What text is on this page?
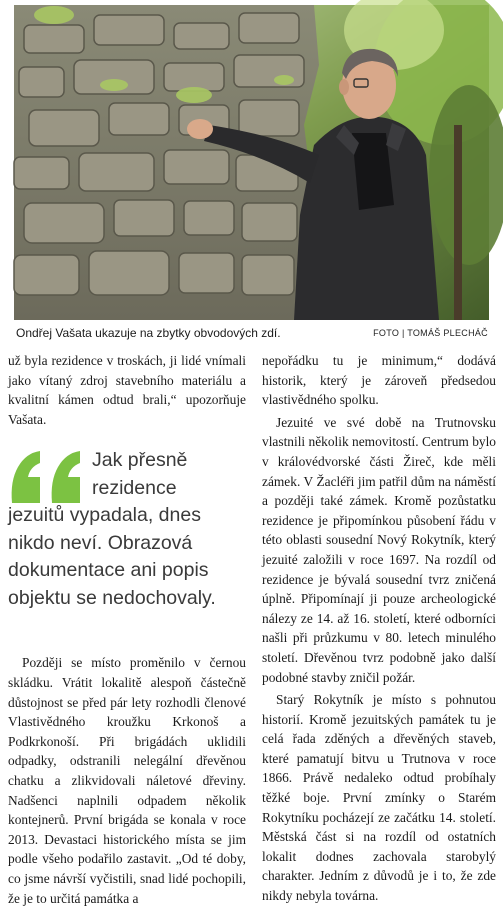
Ondřej Vašata ukazuje na zbytky obvodových zdí.	FOTO | TOMÁŠ PLECHÁČ

už byla rezidence v troskách, ji lidé vnímali jako vítaný zdroj stavebního materiálu a kvalitní kámen odtud brali,“ upozorňuje Vašata.

Jak přesně
rezidence
jezuitů vypadala, dnes
nikdo neví. Obrazová
dokumentace ani popis
objektu se nedochovaly.

Později se místo proměnilo v černou skládku. Vrátit lokalitě alespoň částečně důstojnost se před pár lety rozhodli členové Vlastivědného kroužku Krkonoš a Podkrkonoší. Při brigádách uklidili odpadky, odstranili nelegální dřevěnou chatku a zlikvidovali náletové dřeviny. Nadšenci naplnili odpadem několik kontejnerů. První brigáda se konala v roce 2013. Devastaci historického místa se jim podle všeho podařilo zastavit. „Od té doby, co jsme návrší vyčistili, snad lidé pochopili, že je to určitá památka a

nepořádku tu je minimum,“ dodává historik, který je zároveň předsedou vlastivědného spolku.

Jezuité ve své době na Trutnovsku vlastnili několik nemovitostí. Centrum bylo v královédvorské části Žireč, kde měli zámek. V Žacléři jim patřil dům na náměstí a později také zámek. Kromě pozůstatku rezidence je připomínkou působení řádu v této oblasti sousední Nový Rokytník, který jezuité založili v roce 1697. Na rozdíl od rezidence je bývalá sousední tvrz zničená úplně. Připomínají ji pouze archeologické nálezy ze 14. až 16. století, které odborníci našli při průzkumu v 80. letech minulého století. Dřevěnou tvrz podobně jako další podobné stavby zničil požár.

Starý Rokytník je místo s pohnutou historií. Kromě jezuitských památek tu je celá řada zděných a dřevěných staveb, které pamatují bitvu u Trutnova v roce 1866. Právě nedaleko odtud probíhaly těžké boje. První zmínky o Starém Rokytníku pocházejí ze začátku 14. století. Městská část si na rozdíl od ostatních lokalit dodnes zachovala starobylý charakter. Jedním z důvodů je i to, že zde nikdy nebyla továrna.
